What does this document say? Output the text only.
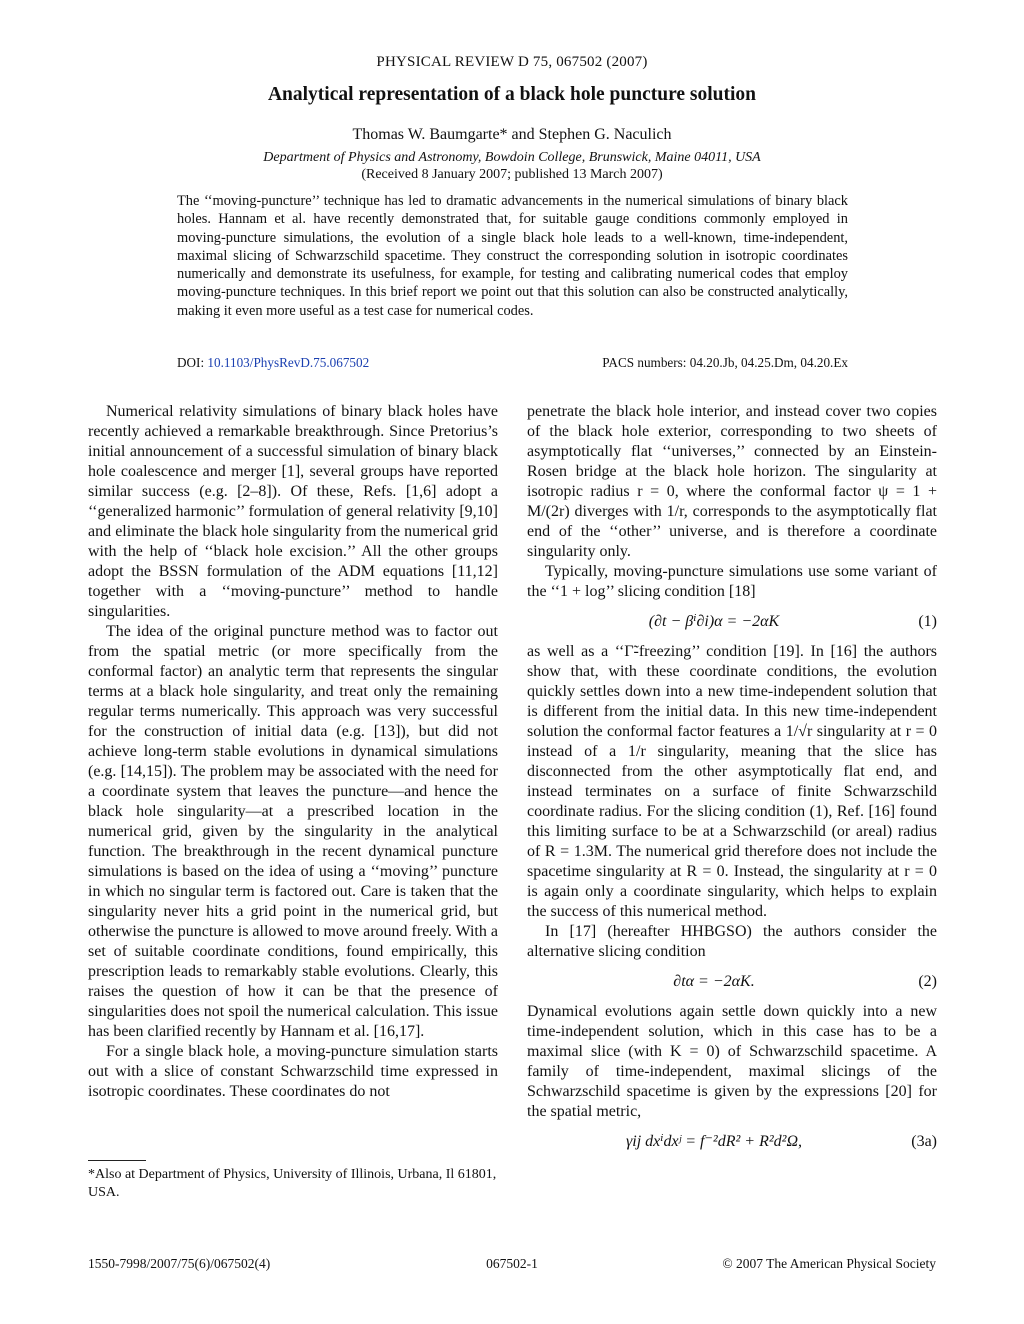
PHYSICAL REVIEW D 75, 067502 (2007)
Analytical representation of a black hole puncture solution
Thomas W. Baumgarte* and Stephen G. Naculich
Department of Physics and Astronomy, Bowdoin College, Brunswick, Maine 04011, USA
(Received 8 January 2007; published 13 March 2007)
The ‘‘moving-puncture’’ technique has led to dramatic advancements in the numerical simulations of binary black holes. Hannam et al. have recently demonstrated that, for suitable gauge conditions commonly employed in moving-puncture simulations, the evolution of a single black hole leads to a well-known, time-independent, maximal slicing of Schwarzschild spacetime. They construct the corresponding solution in isotropic coordinates numerically and demonstrate its usefulness, for example, for testing and calibrating numerical codes that employ moving-puncture techniques. In this brief report we point out that this solution can also be constructed analytically, making it even more useful as a test case for numerical codes.
DOI: 10.1103/PhysRevD.75.067502	PACS numbers: 04.20.Jb, 04.25.Dm, 04.20.Ex

Numerical relativity simulations of binary black holes have recently achieved a remarkable breakthrough. Since Pretorius’s initial announcement of a successful simulation of binary black hole coalescence and merger [1], several groups have reported similar success (e.g. [2–8]). Of these, Refs. [1,6] adopt a ‘‘generalized harmonic’’ formulation of general relativity [9,10] and eliminate the black hole singularity from the numerical grid with the help of ‘‘black hole excision.’’ All the other groups adopt the BSSN formulation of the ADM equations [11,12] together with a ‘‘moving-puncture’’ method to handle singularities.

The idea of the original puncture method was to factor out from the spatial metric (or more specifically from the conformal factor) an analytic term that represents the singular terms at a black hole singularity, and treat only the remaining regular terms numerically. This approach was very successful for the construction of initial data (e.g. [13]), but did not achieve long-term stable evolutions in dynamical simulations (e.g. [14,15]). The problem may be associated with the need for a coordinate system that leaves the puncture—and hence the black hole singularity—at a prescribed location in the numerical grid, given by the singularity in the analytical function. The breakthrough in the recent dynamical puncture simulations is based on the idea of using a ‘‘moving’’ puncture in which no singular term is factored out. Care is taken that the singularity never hits a grid point in the numerical grid, but otherwise the puncture is allowed to move around freely. With a set of suitable coordinate conditions, found empirically, this prescription leads to remarkably stable evolutions. Clearly, this raises the question of how it can be that the presence of singularities does not spoil the numerical calculation. This issue has been clarified recently by Hannam et al. [16,17].

For a single black hole, a moving-puncture simulation starts out with a slice of constant Schwarzschild time expressed in isotropic coordinates. These coordinates do not

penetrate the black hole interior, and instead cover two copies of the black hole exterior, corresponding to two sheets of asymptotically flat ‘‘universes,’’ connected by an Einstein-Rosen bridge at the black hole horizon. The singularity at isotropic radius r = 0, where the conformal factor ψ = 1 + M/(2r) diverges with 1/r, corresponds to the asymptotically flat end of the ‘‘other’’ universe, and is therefore a coordinate singularity only.

Typically, moving-puncture simulations use some variant of the ‘‘1 + log’’ slicing condition [18]

(∂t − βⁱ∂i)α = −2αK	(1)

as well as a ‘‘Γ̃-freezing’’ condition [19]. In [16] the authors show that, with these coordinate conditions, the evolution quickly settles down into a new time-independent solution that is different from the initial data. In this new time-independent solution the conformal factor features a 1/√r singularity at r = 0 instead of a 1/r singularity, meaning that the slice has disconnected from the other asymptotically flat end, and instead terminates on a surface of finite Schwarzschild coordinate radius. For the slicing condition (1), Ref. [16] found this limiting surface to be at a Schwarzschild (or areal) radius of R = 1.3M. The numerical grid therefore does not include the spacetime singularity at R = 0. Instead, the singularity at r = 0 is again only a coordinate singularity, which helps to explain the success of this numerical method.

In [17] (hereafter HHBGSO) the authors consider the alternative slicing condition

∂tα = −2αK.	(2)

Dynamical evolutions again settle down quickly into a new time-independent solution, which in this case has to be a maximal slice (with K = 0) of Schwarzschild spacetime. A family of time-independent, maximal slicings of the Schwarzschild spacetime is given by the expressions [20] for the spatial metric,

γij dxⁱdxʲ = f⁻²dR² + R²d²Ω,	(3a)
*Also at Department of Physics, University of Illinois, Urbana, Il 61801, USA.
1550-7998/2007/75(6)/067502(4)	067502-1	© 2007 The American Physical Society
